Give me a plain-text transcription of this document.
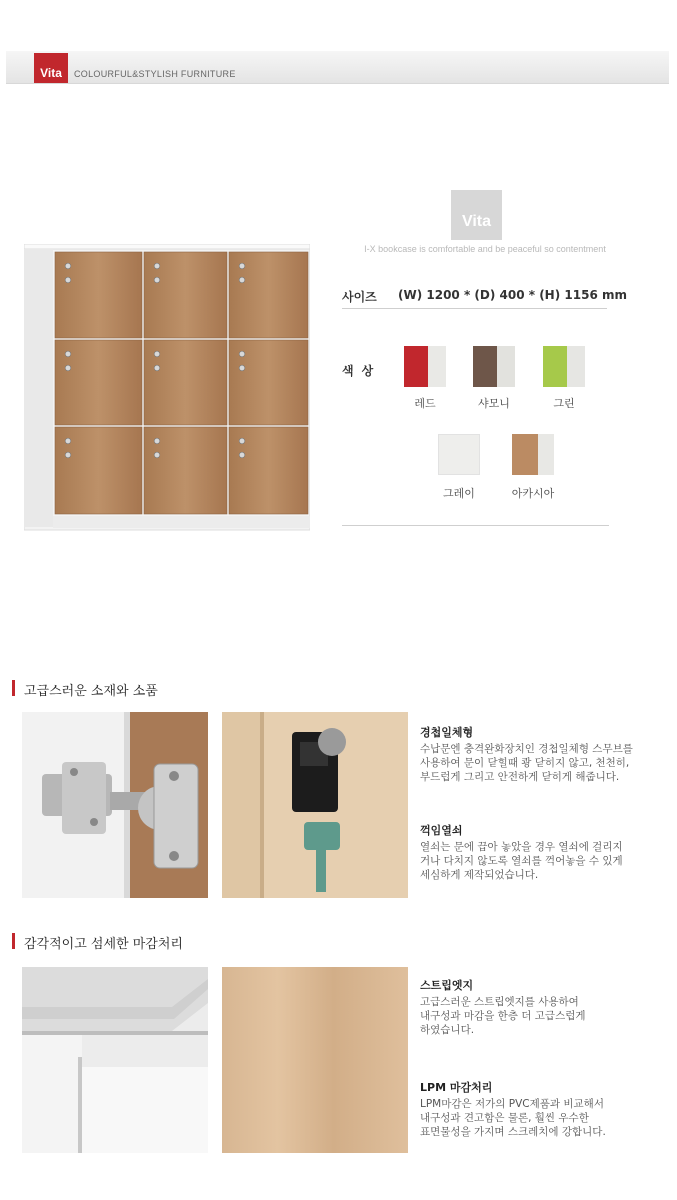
Vita	COLOURFUL&STYLISH FURNITURE
Vita
I-X bookcase is comfortable and be peaceful so contentment
사이즈 (W) 1200 * (D) 400 * (H) 1156 mm
색상
레드	샤모니	그린
그레이	아카시아
고급스러운 소재와 소품
경첩일체형
수납문엔 충격완화장치인 경첩일체형 스무브를
사용하여 문이 닫힐때 쾅 닫히지 않고, 천천히,
부드럽게 그리고 안전하게 닫히게 해줍니다.
꺽임열쇠
열쇠는 문에 끕아 놓았을 경우 열쇠에 걸리지
거나 다치지 않도록 열쇠를 꺽어놓을 수 있게
세심하게 제작되었습니다.
감각적이고 섬세한 마감처리
스트립엣지
고급스러운 스트립엣지를 사용하여
내구성과 마감을 한층 더 고급스럽게
하였습니다.
LPM 마감처리
LPM마감은 저가의 PVC제품과 비교해서
내구성과 견고함은 물론, 훨씬 우수한
표면물성을 가지며 스크레치에 강합니다.
